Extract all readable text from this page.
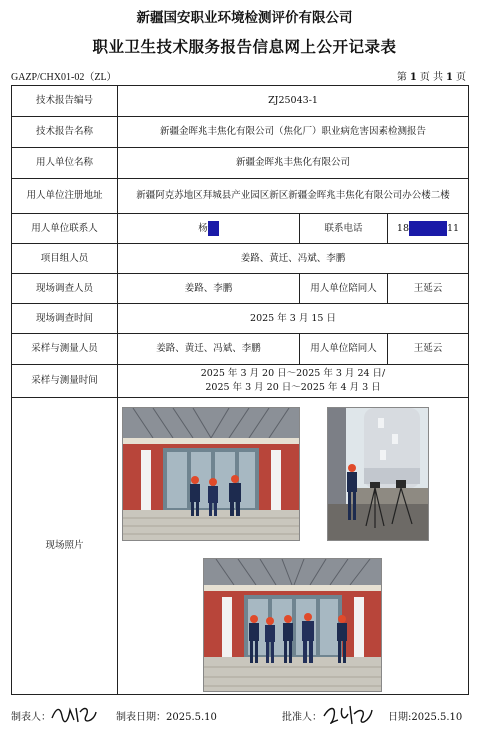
新疆国安职业环境检测评价有限公司
职业卫生技术服务报告信息网上公开记录表
GAZP/CHX01-02（ZL）	第 1 页 共 1 页
技术报告编号	ZJ25043-1		
技术报告名称	新疆金晖兆丰焦化有限公司（焦化厂）职业病危害因素检测报告		
用人单位名称	新疆金晖兆丰焦化有限公司		
用人单位注册地址	新疆阿克苏地区拜城县产业园区新区新疆金晖兆丰焦化有限公司办公楼二楼		
用人单位联系人	杨	联系电话	18 11
项目组人员	姜路、黄迁、冯斌、李鹏		
现场调查人员	姜路、李鹏	用人单位陪同人	王延云
现场调查时间	2025 年 3 月 15 日		
采样与测量人员	姜路、黄迁、冯斌、李鹏	用人单位陪同人	王延云
采样与测量时间	2025 年 3 月 20 日～2025 年 3 月 24 日/
2025 年 3 月 20 日～2025 年 4 月 3 日		

现场照片			
制表人：	制表日期：2025.5.10	批准人：	日期:2025.5.10
